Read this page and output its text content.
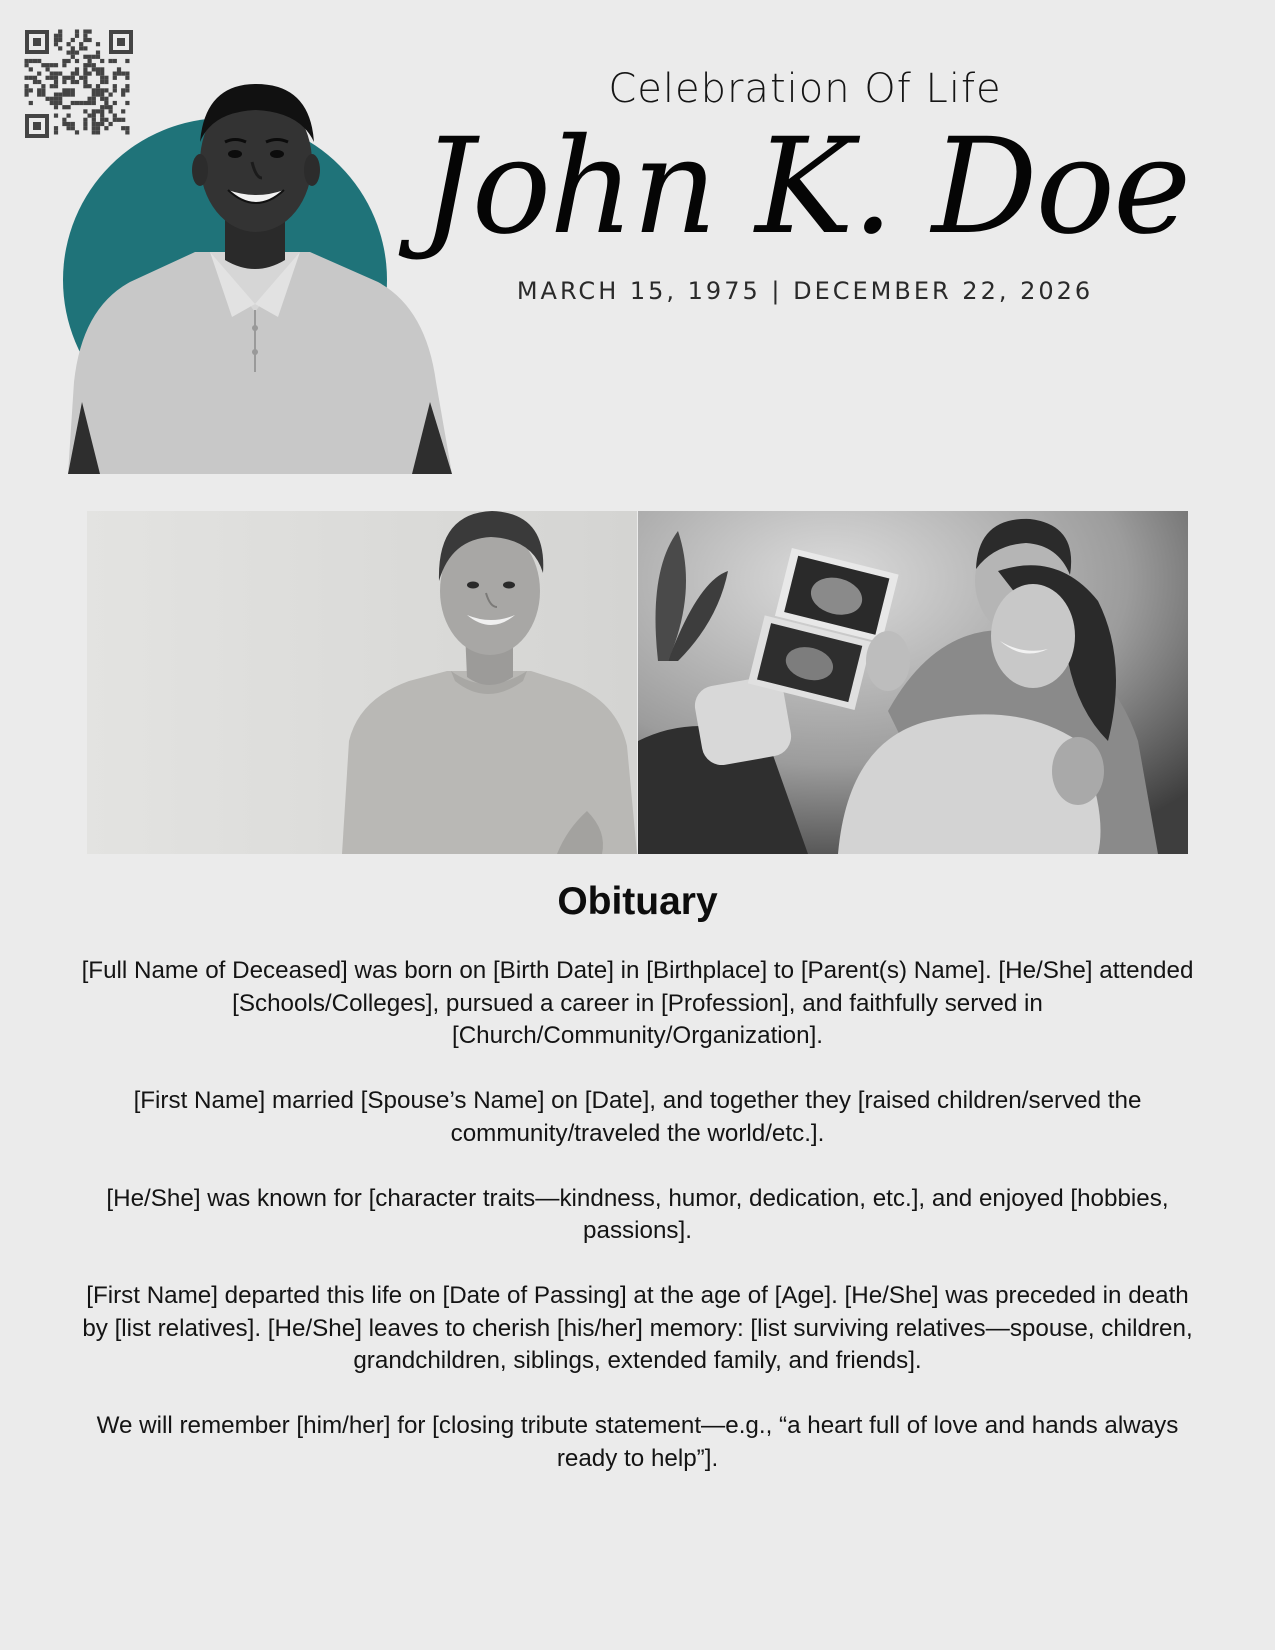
Celebration Of Life
John K. Doe
MARCH 15, 1975 | DECEMBER 22, 2026
Obituary

[Full Name of Deceased] was born on [Birth Date] in [Birthplace] to [Parent(s) Name]. [He/She] attended [Schools/Colleges], pursued a career in [Profession], and faithfully served in [Church/Community/Organization].

[First Name] married [Spouse’s Name] on [Date], and together they [raised children/served the community/traveled the world/etc.].

[He/She] was known for [character traits—kindness, humor, dedication, etc.], and enjoyed [hobbies, passions].

[First Name] departed this life on [Date of Passing] at the age of [Age]. [He/She] was preceded in death by [list relatives]. [He/She] leaves to cherish [his/her] memory: [list surviving relatives—spouse, children, grandchildren, siblings, extended family, and friends].

We will remember [him/her] for [closing tribute statement—e.g., “a heart full of love and hands always ready to help”].
